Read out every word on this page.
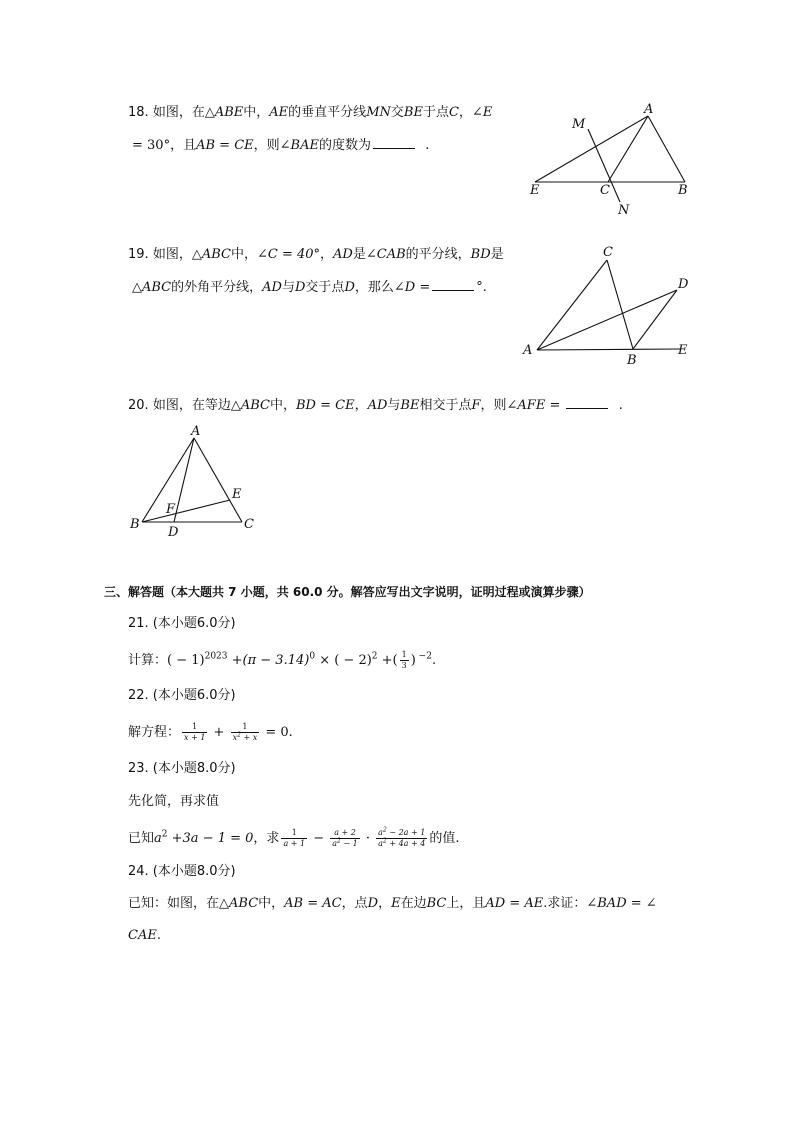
18. 如图，在△ABE中，AE的垂直平分线MN交BE于点C，∠E
= 30°，且AB = CE，则∠BAE的度数为	.
M
A
E	C	B
N
19. 如图，△ABC中，∠C = 40°，AD是∠CAB的平分线，BD是
△ABC的外角平分线，AD与D交于点D，那么∠D =	°.
C
D
A
B
E
20. 如图，在等边△ABC中，BD = CE，AD与BE相交于点F，则∠AFE =	.
A
E
F
B
D
C
三、解答题（本大题共 7 小题，共 60.0 分。解答应写出文字说明，证明过程或演算步骤）
21. (本小题6.0分)
计算：( − $1)^{2023} +(\pi - 3.14)^0$ × ( − 2)$^2$ +( $\frac{1}{3}$ ) $^{-2}$.
22. (本小题6.0分)
解方程： $\frac{1}{x + 1} + \frac{1}{x^2 + x} = 0$.
23. (本小题8.0分)
先化简，再求值
已知$a^2 +3a - 1 = 0$，求 $\frac{1}{a + 1} - \frac{a + 2}{a^2 - 1} \cdot \frac{a^2 - 2a + 1}{a^2 + 4a + 4}$ 的值.
24. (本小题8.0分)
已知：如图，在△ABC中，AB = AC，点D，E在边BC上，且AD = AE.求证：∠BAD = ∠
CAE.
